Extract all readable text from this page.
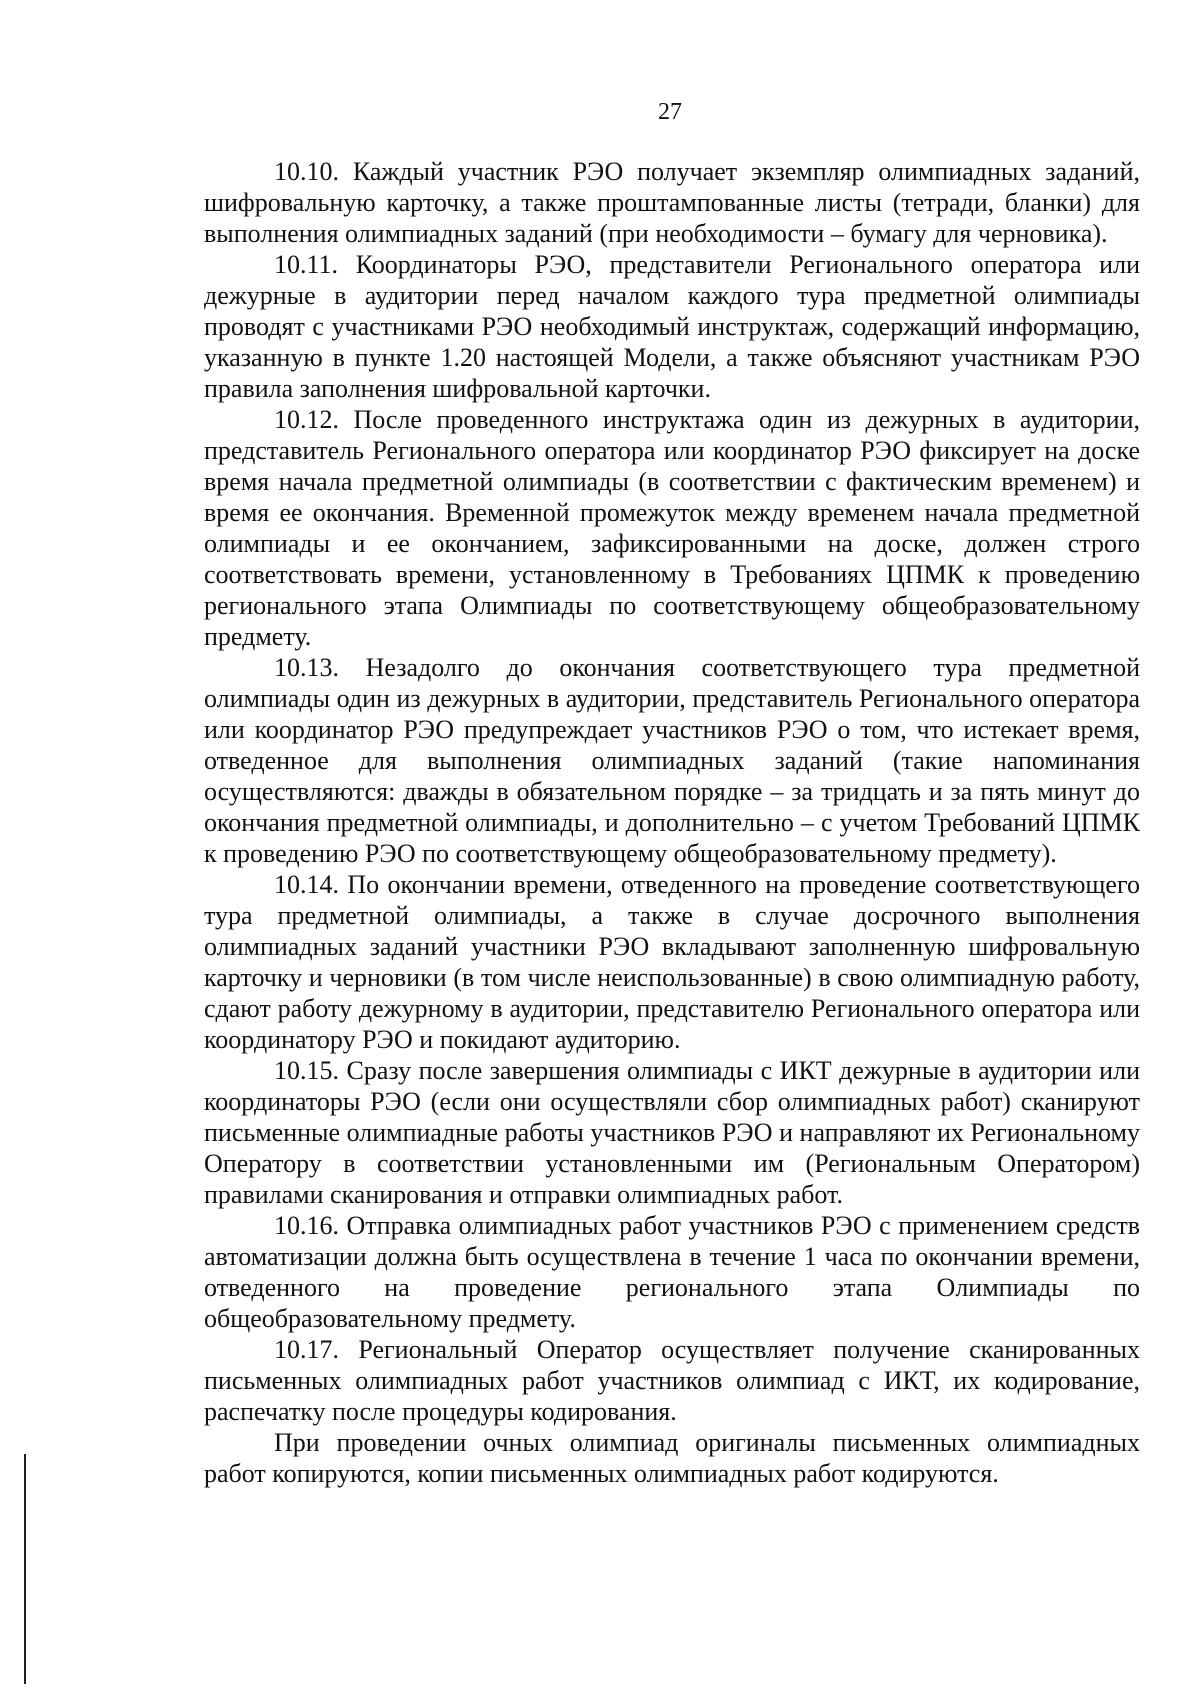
27

10.10. Каждый участник РЭО получает экземпляр олимпиадных заданий, шифровальную карточку, а также проштампованные листы (тетради, бланки) для выполнения олимпиадных заданий (при необходимости – бумагу для черновика).

10.11. Координаторы РЭО, представители Регионального оператора или дежурные в аудитории перед началом каждого тура предметной олимпиады проводят с участниками РЭО необходимый инструктаж, содержащий информацию, указанную в пункте 1.20 настоящей Модели, а также объясняют участникам РЭО правила заполнения шифровальной карточки.

10.12. После проведенного инструктажа один из дежурных в аудитории, представитель Регионального оператора или координатор РЭО фиксирует на доске время начала предметной олимпиады (в соответствии с фактическим временем) и время ее окончания. Временной промежуток между временем начала предметной олимпиады и ее окончанием, зафиксированными на доске, должен строго соответствовать времени, установленному в Требованиях ЦПМК к проведению регионального этапа Олимпиады по соответствующему общеобразовательному предмету.

10.13. Незадолго до окончания соответствующего тура предметной олимпиады один из дежурных в аудитории, представитель Регионального оператора или координатор РЭО предупреждает участников РЭО о том, что истекает время, отведенное для выполнения олимпиадных заданий (такие напоминания осуществляются: дважды в обязательном порядке – за тридцать и за пять минут до окончания предметной олимпиады, и дополнительно – с учетом Требований ЦПМК к проведению РЭО по соответствующему общеобразовательному предмету).

10.14. По окончании времени, отведенного на проведение соответствующего тура предметной олимпиады, а также в случае досрочного выполнения олимпиадных заданий участники РЭО вкладывают заполненную шифровальную карточку и черновики (в том числе неиспользованные) в свою олимпиадную работу, сдают работу дежурному в аудитории, представителю Регионального оператора или координатору РЭО и покидают аудиторию.

10.15. Сразу после завершения олимпиады с ИКТ дежурные в аудитории или координаторы РЭО (если они осуществляли сбор олимпиадных работ) сканируют письменные олимпиадные работы участников РЭО и направляют их Региональному Оператору в соответствии установленными им (Региональным Оператором) правилами сканирования и отправки олимпиадных работ.

10.16. Отправка олимпиадных работ участников РЭО с применением средств автоматизации должна быть осуществлена в течение 1 часа по окончании времени, отведенного на проведение регионального этапа Олимпиады по общеобразовательному предмету.

10.17. Региональный Оператор осуществляет получение сканированных письменных олимпиадных работ участников олимпиад с ИКТ, их кодирование, распечатку после процедуры кодирования.

При проведении очных олимпиад оригиналы письменных олимпиадных работ копируются, копии письменных олимпиадных работ кодируются.
